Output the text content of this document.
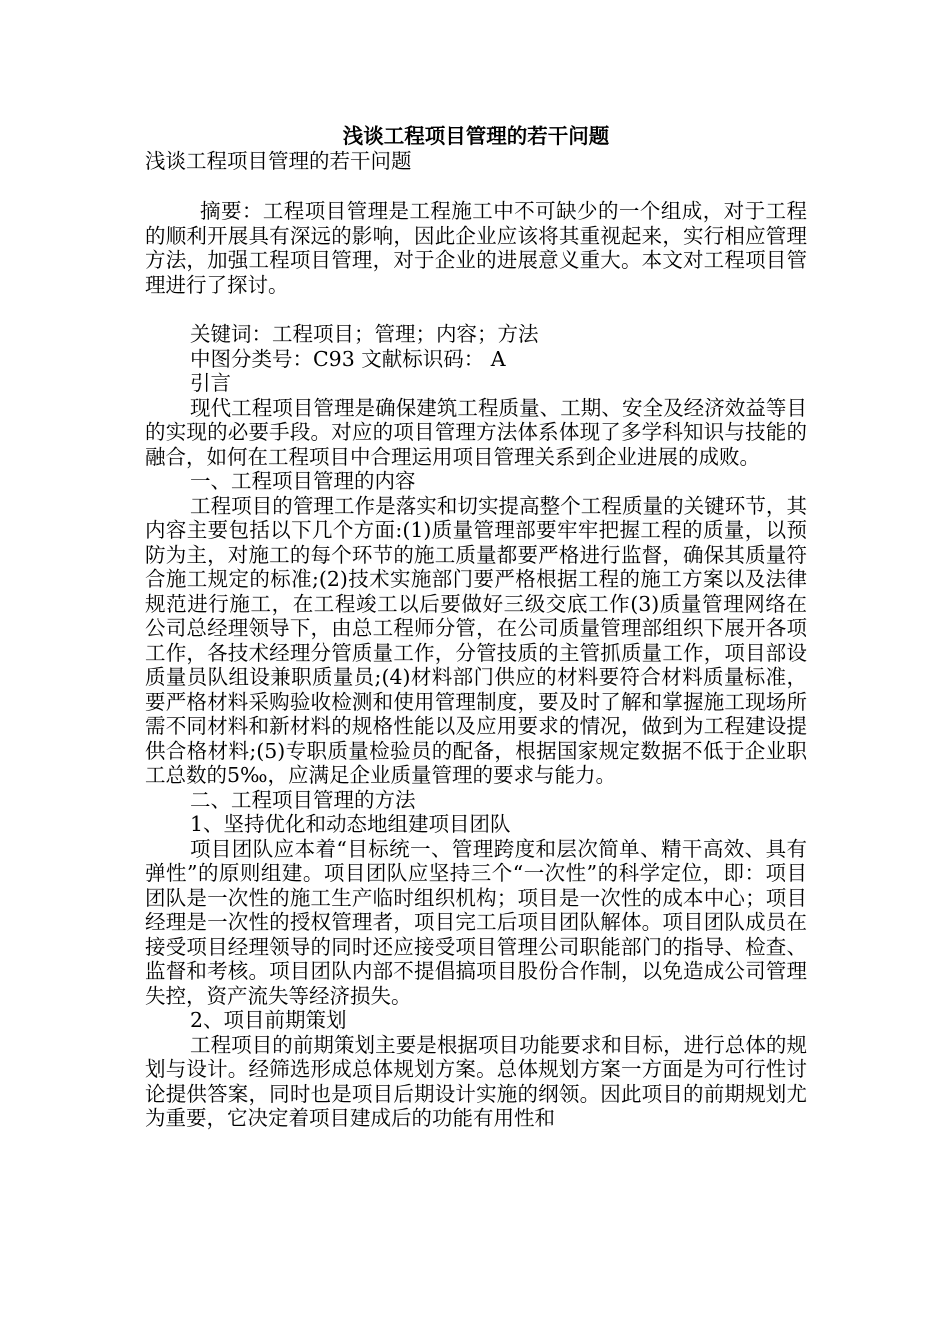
浅谈工程项目管理的若干问题
浅谈工程项目管理的若干问题

摘要：工程项目管理是工程施工中不可缺少的一个组成，对于工程的顺利开展具有深远的影响，因此企业应该将其重视起来，实行相应管理方法，加强工程项目管理，对于企业的进展意义重大。本文对工程项目管理进行了探讨。

关键词：工程项目；管理；内容；方法

中图分类号：C93 文献标识码： A

引言

现代工程项目管理是确保建筑工程质量、工期、安全及经济效益等目的实现的必要手段。对应的项目管理方法体系体现了多学科知识与技能的融合，如何在工程项目中合理运用项目管理关系到企业进展的成败。

一、工程项目管理的内容

工程项目的管理工作是落实和切实提高整个工程质量的关键环节，其内容主要包括以下几个方面:(1)质量管理部要牢牢把握工程的质量，以预防为主，对施工的每个环节的施工质量都要严格进行监督，确保其质量符合施工规定的标准;(2)技术实施部门要严格根据工程的施工方案以及法律规范进行施工，在工程竣工以后要做好三级交底工作(3)质量管理网络在公司总经理领导下，由总工程师分管，在公司质量管理部组织下展开各项工作，各技术经理分管质量工作，分管技质的主管抓质量工作，项目部设质量员队组设兼职质量员;(4)材料部门供应的材料要符合材料质量标准，要严格材料采购验收检测和使用管理制度，要及时了解和掌握施工现场所需不同材料和新材料的规格性能以及应用要求的情况，做到为工程建设提供合格材料;(5)专职质量检验员的配备，根据国家规定数据不低于企业职工总数的5‰，应满足企业质量管理的要求与能力。

二、工程项目管理的方法

1、坚持优化和动态地组建项目团队

项目团队应本着“目标统一、管理跨度和层次简单、精干高效、具有弹性”的原则组建。项目团队应坚持三个“一次性”的科学定位，即：项目团队是一次性的施工生产临时组织机构；项目是一次性的成本中心；项目经理是一次性的授权管理者，项目完工后项目团队解体。项目团队成员在接受项目经理领导的同时还应接受项目管理公司职能部门的指导、检查、监督和考核。项目团队内部不提倡搞项目股份合作制，以免造成公司管理失控，资产流失等经济损失。

2、项目前期策划

工程项目的前期策划主要是根据项目功能要求和目标，进行总体的规划与设计。经筛选形成总体规划方案。总体规划方案一方面是为可行性讨论提供答案，同时也是项目后期设计实施的纲领。因此项目的前期规划尤为重要，它决定着项目建成后的功能有用性和
